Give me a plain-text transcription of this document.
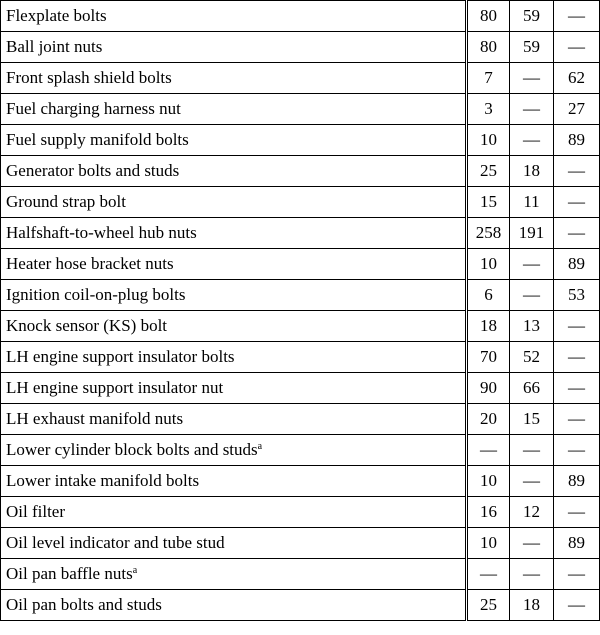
Flexplate bolts	80	59	—
Ball joint nuts	80	59	—
Front splash shield bolts	7	—	62
Fuel charging harness nut	3	—	27
Fuel supply manifold bolts	10	—	89
Generator bolts and studs	25	18	—
Ground strap bolt	15	11	—
Halfshaft-to-wheel hub nuts	258	191	—
Heater hose bracket nuts	10	—	89
Ignition coil-on-plug bolts	6	—	53
Knock sensor (KS) bolt	18	13	—
LH engine support insulator bolts	70	52	—
LH engine support insulator nut	90	66	—
LH exhaust manifold nuts	20	15	—
Lower cylinder block bolts and studs$^a$	—	—	—
Lower intake manifold bolts	10	—	89
Oil filter	16	12	—
Oil level indicator and tube stud	10	—	89
Oil pan baffle nuts$^a$	—	—	—
Oil pan bolts and studs	25	18	—
